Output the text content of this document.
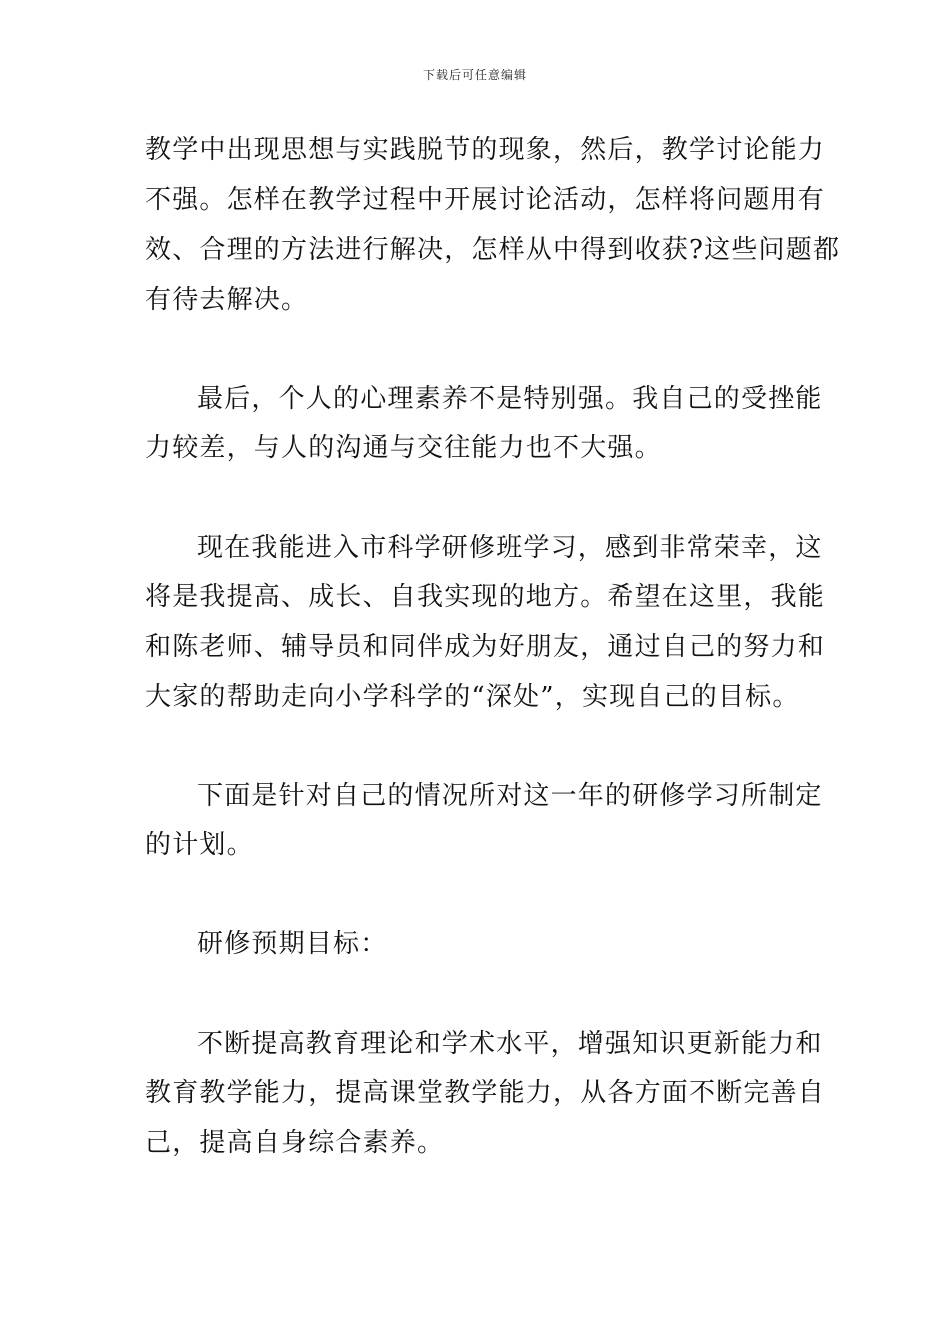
下载后可任意编辑
教学中出现思想与实践脱节的现象，然后，教学讨论能力
不强。怎样在教学过程中开展讨论活动，怎样将问题用有
效、合理的方法进行解决，怎样从中得到收获?这些问题都
有待去解决。
最后，个人的心理素养不是特别强。我自己的受挫能
力较差，与人的沟通与交往能力也不大强。
现在我能进入市科学研修班学习，感到非常荣幸，这
将是我提高、成长、自我实现的地方。希望在这里，我能
和陈老师、辅导员和同伴成为好朋友，通过自己的努力和
大家的帮助走向小学科学的“深处”，实现自己的目标。
下面是针对自己的情况所对这一年的研修学习所制定
的计划。
研修预期目标：
不断提高教育理论和学术水平，增强知识更新能力和
教育教学能力，提高课堂教学能力，从各方面不断完善自
己，提高自身综合素养。
